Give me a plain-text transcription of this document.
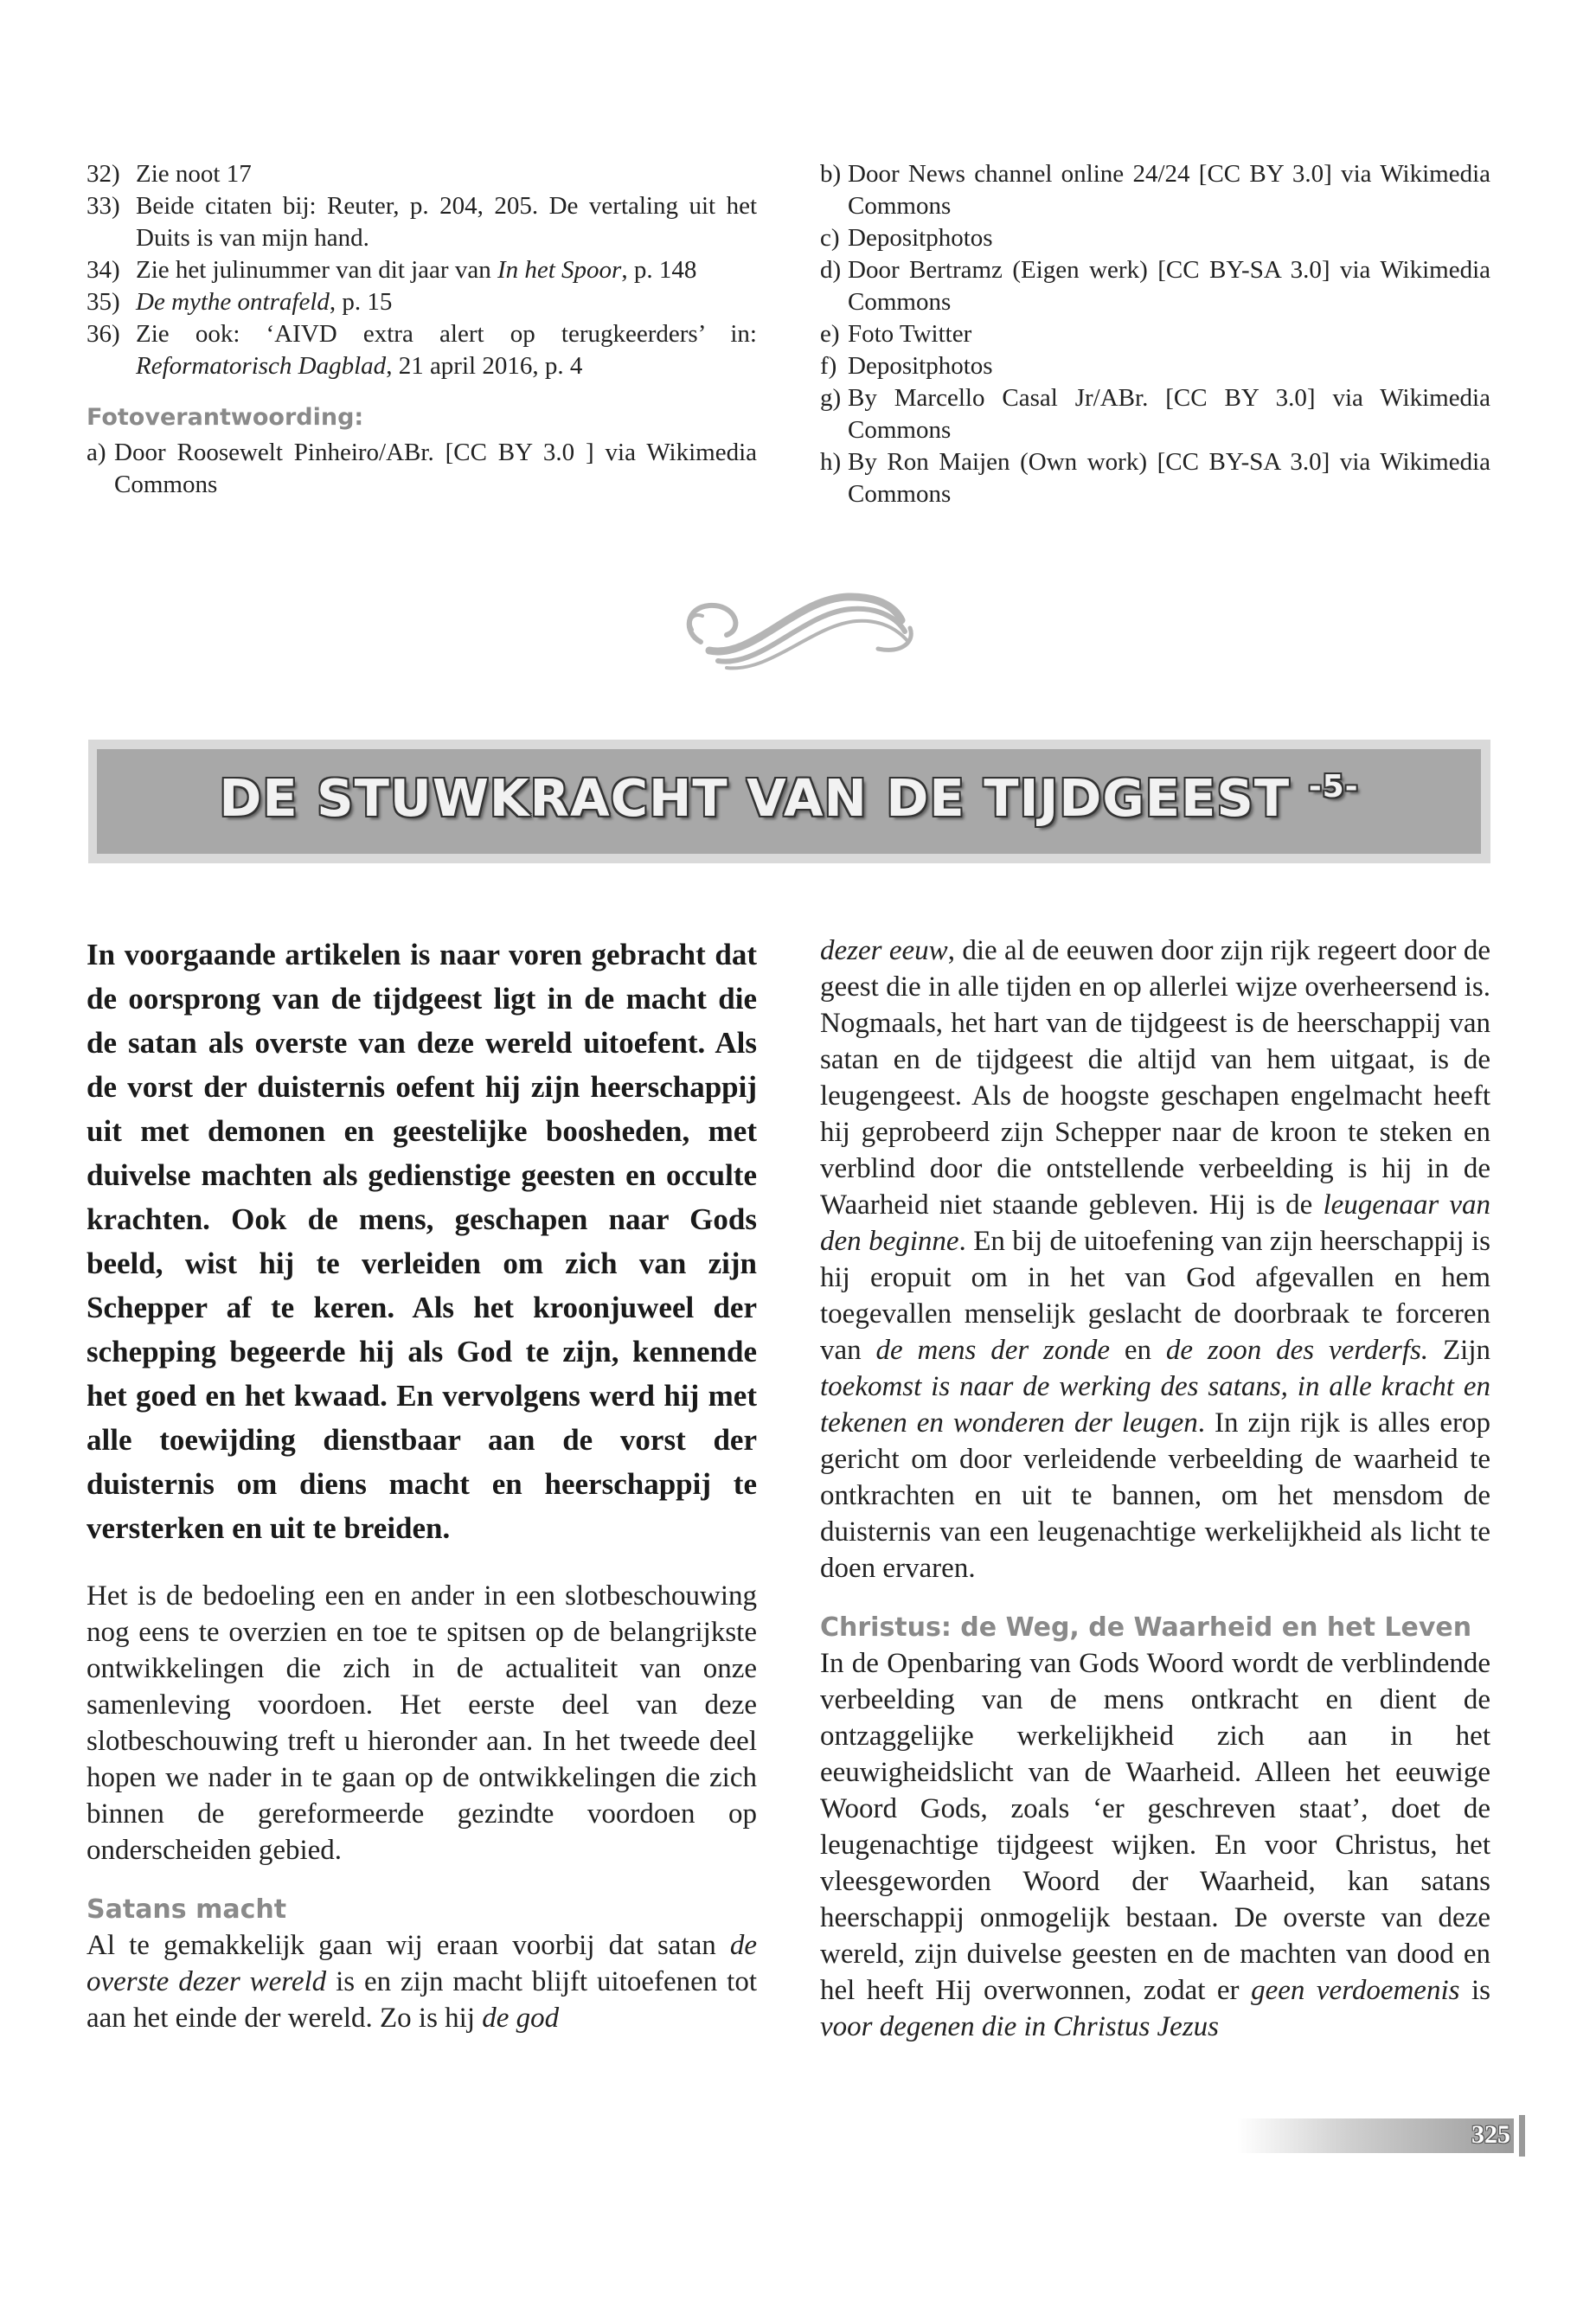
32) Zie noot 17

33) Beide citaten bij: Reuter, p. 204, 205. De vertaling uit het Duits is van mijn hand.

34) Zie het julinummer van dit jaar van In het Spoor, p. 148

35) De mythe ontrafeld, p. 15

36) Zie ook: ‘AIVD extra alert op terugkeerders’ in: Reformatorisch Dagblad, 21 april 2016, p. 4

Fotoverantwoording:

a) Door Roosewelt Pinheiro/ABr. [CC BY 3.0 ] via Wikimedia Commons

b) Door News channel online 24/24 [CC BY 3.0] via Wikimedia Commons

c) Depositphotos

d) Door Bertramz (Eigen werk) [CC BY-SA 3.0] via Wikimedia Commons

e) Foto Twitter

f) Depositphotos

g) By Marcello Casal Jr/ABr. [CC BY 3.0] via Wikimedia Commons

h) By Ron Maijen (Own work) [CC BY-SA 3.0] via Wikimedia Commons

DE STUWKRACHT VAN DE TIJDGEEST $^{-5-}$

In voorgaande artikelen is naar voren gebracht dat de oorsprong van de tijdgeest ligt in de macht die de satan als overste van deze wereld uitoefent. Als de vorst der duisternis oefent hij zijn heerschappij uit met demonen en geestelijke boosheden, met duivelse machten als gedienstige geesten en occulte krachten. Ook de mens, geschapen naar Gods beeld, wist hij te verleiden om zich van zijn Schepper af te keren. Als het kroonjuweel der schepping begeerde hij als God te zijn, kennende het goed en het kwaad. En vervolgens werd hij met alle toewijding dienstbaar aan de vorst der duisternis om diens macht en heerschappij te versterken en uit te breiden.

Het is de bedoeling een en ander in een slotbeschouwing nog eens te overzien en toe te spitsen op de belangrijkste ontwikkelingen die zich in de actualiteit van onze samenleving voordoen. Het eerste deel van deze slotbeschouwing treft u hieronder aan. In het tweede deel hopen we nader in te gaan op de ontwikkelingen die zich binnen de gereformeerde gezindte voordoen op onderscheiden gebied.

Satans macht

Al te gemakkelijk gaan wij eraan voorbij dat satan de overste dezer wereld is en zijn macht blijft uitoefenen tot aan het einde der wereld. Zo is hij de god

dezer eeuw, die al de eeuwen door zijn rijk regeert door de geest die in alle tijden en op allerlei wijze overheersend is. Nogmaals, het hart van de tijdgeest is de heerschappij van satan en de tijdgeest die altijd van hem uitgaat, is de leugengeest. Als de hoogste geschapen engelmacht heeft hij geprobeerd zijn Schepper naar de kroon te steken en verblind door die ontstellende verbeelding is hij in de Waarheid niet staande gebleven. Hij is de leugenaar van den beginne. En bij de uitoefening van zijn heerschappij is hij eropuit om in het van God afgevallen en hem toegevallen menselijk geslacht de doorbraak te forceren van de mens der zonde en de zoon des verderfs. Zijn toekomst is naar de werking des satans, in alle kracht en tekenen en wonderen der leugen. In zijn rijk is alles erop gericht om door verleidende verbeelding de waarheid te ontkrachten en uit te bannen, om het mensdom de duisternis van een leugenachtige werkelijkheid als licht te doen ervaren.

Christus: de Weg, de Waarheid en het Leven

In de Openbaring van Gods Woord wordt de verblindende verbeelding van de mens ontkracht en dient de ontzaggelijke werkelijkheid zich aan in het eeuwigheidslicht van de Waarheid. Alleen het eeuwige Woord Gods, zoals ‘er geschreven staat’, doet de leugenachtige tijdgeest wijken. En voor Christus, het vleesgeworden Woord der Waarheid, kan satans heerschappij onmogelijk bestaan. De overste van deze wereld, zijn duivelse geesten en de machten van dood en hel heeft Hij overwonnen, zodat er geen verdoemenis is voor degenen die in Christus Jezus

325
